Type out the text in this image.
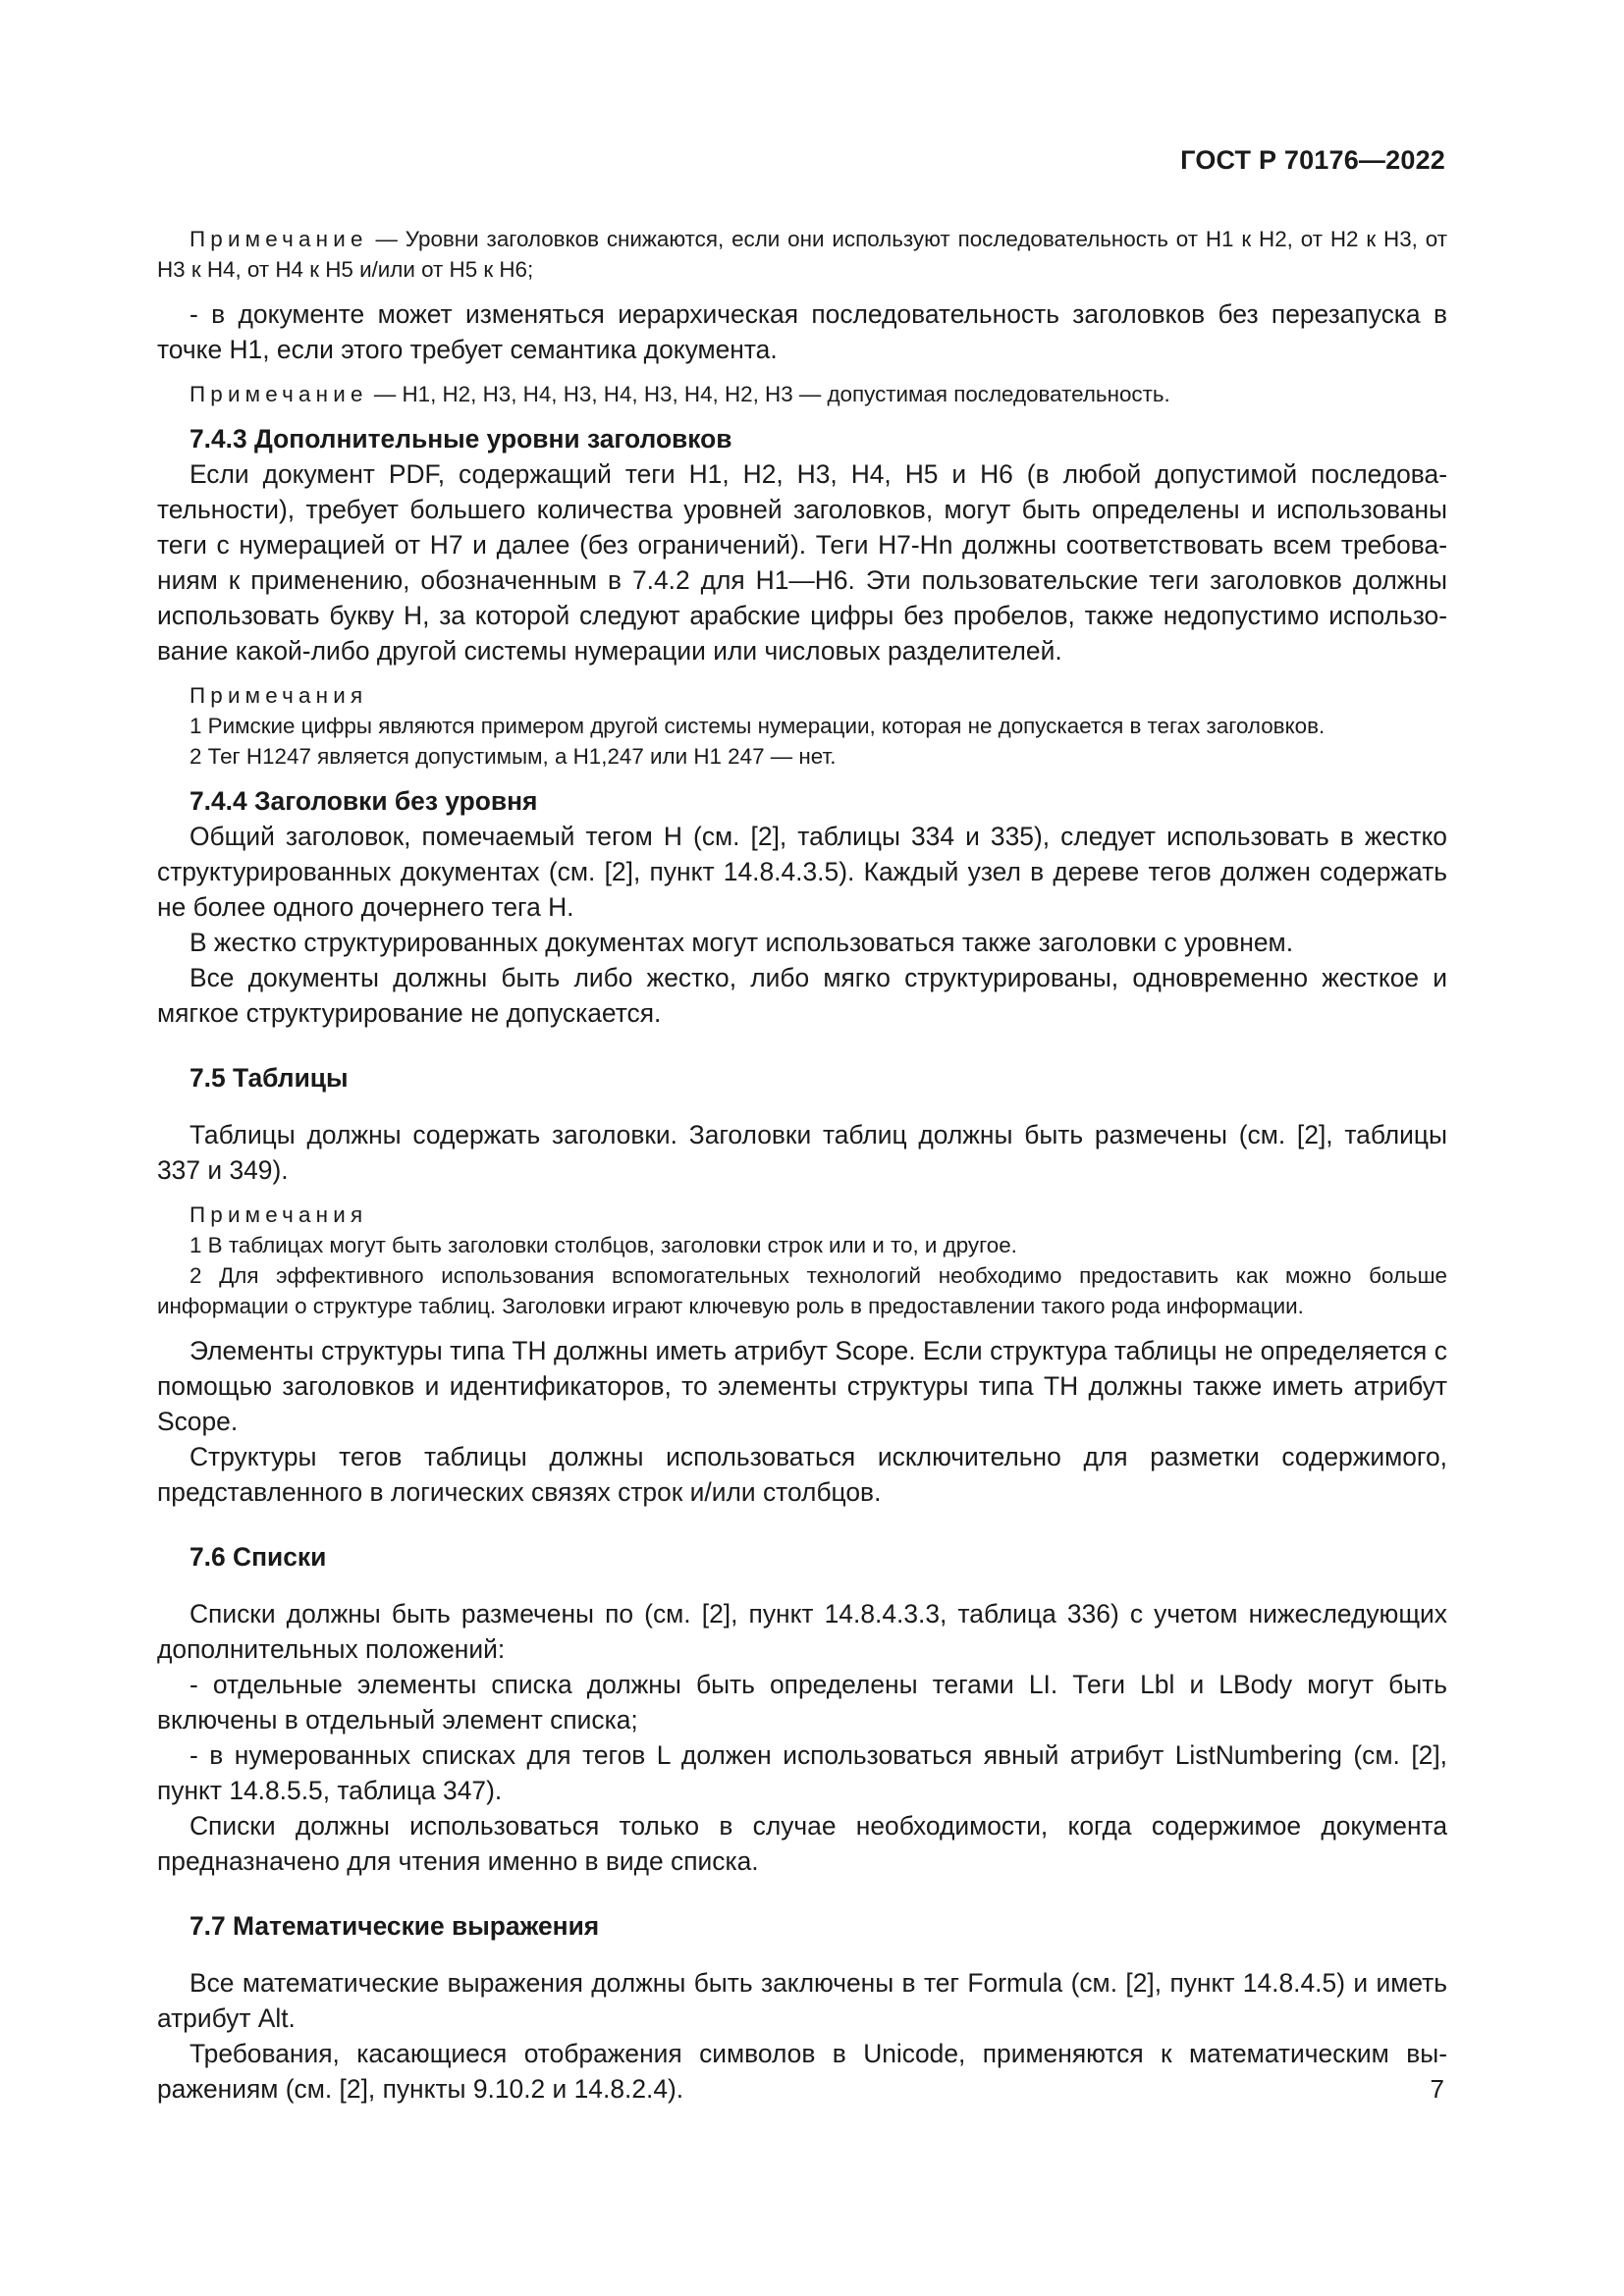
ГОСТ Р 70176—2022

Примечание — Уровни заголовков снижаются, если они используют последовательность от H1 к H2, от H2 к H3, от H3 к H4, от H4 к H5 и/или от H5 к H6;

- в документе может изменяться иерархическая последовательность заголовков без перезапуска в точке H1, если этого требует семантика документа.

Примечание — H1, H2, H3, H4, H3, H4, H3, H4, H2, H3 — допустимая последовательность.

7.4.3 Дополнительные уровни заголовков

Если документ PDF, содержащий теги H1, H2, H3, H4, H5 и H6 (в любой допустимой последовательности), требует большего количества уровней заголовков, могут быть определены и использованы теги с нумерацией от H7 и далее (без ограничений). Теги H7-Hn должны соответствовать всем требованиям к применению, обозначенным в 7.4.2 для H1—H6. Эти пользовательские теги заголовков должны использовать букву H, за которой следуют арабские цифры без пробелов, также недопустимо использование какой-либо другой системы нумерации или числовых разделителей.

Примечания

1 Римские цифры являются примером другой системы нумерации, которая не допускается в тегах заголовков.

2 Тег H1247 является допустимым, а H1,247 или H1 247 — нет.

7.4.4 Заголовки без уровня

Общий заголовок, помечаемый тегом H (см. [2], таблицы 334 и 335), следует использовать в жестко структурированных документах (см. [2], пункт 14.8.4.3.5). Каждый узел в дереве тегов должен содержать не более одного дочернего тега H.

В жестко структурированных документах могут использоваться также заголовки с уровнем.

Все документы должны быть либо жестко, либо мягко структурированы, одновременно жесткое и мягкое структурирование не допускается.

7.5 Таблицы

Таблицы должны содержать заголовки. Заголовки таблиц должны быть размечены (см. [2], таблицы 337 и 349).

Примечания

1 В таблицах могут быть заголовки столбцов, заголовки строк или и то, и другое.

2 Для эффективного использования вспомогательных технологий необходимо предоставить как можно больше информации о структуре таблиц. Заголовки играют ключевую роль в предоставлении такого рода информации.

Элементы структуры типа TH должны иметь атрибут Scope. Если структура таблицы не определяется с помощью заголовков и идентификаторов, то элементы структуры типа TH должны также иметь атрибут Scope.

Структуры тегов таблицы должны использоваться исключительно для разметки содержимого, представленного в логических связях строк и/или столбцов.

7.6 Списки

Списки должны быть размечены по (см. [2], пункт 14.8.4.3.3, таблица 336) с учетом нижеследующих дополнительных положений:

- отдельные элементы списка должны быть определены тегами LI. Теги Lbl и LBody могут быть включены в отдельный элемент списка;

- в нумерованных списках для тегов L должен использоваться явный атрибут ListNumbering (см. [2], пункт 14.8.5.5, таблица 347).

Списки должны использоваться только в случае необходимости, когда содержимое документа предназначено для чтения именно в виде списка.

7.7 Математические выражения

Все математические выражения должны быть заключены в тег Formula (см. [2], пункт 14.8.4.5) и иметь атрибут Alt.

Требования, касающиеся отображения символов в Unicode, применяются к математическим выражениям (см. [2], пункты 9.10.2 и 14.8.2.4).	7
